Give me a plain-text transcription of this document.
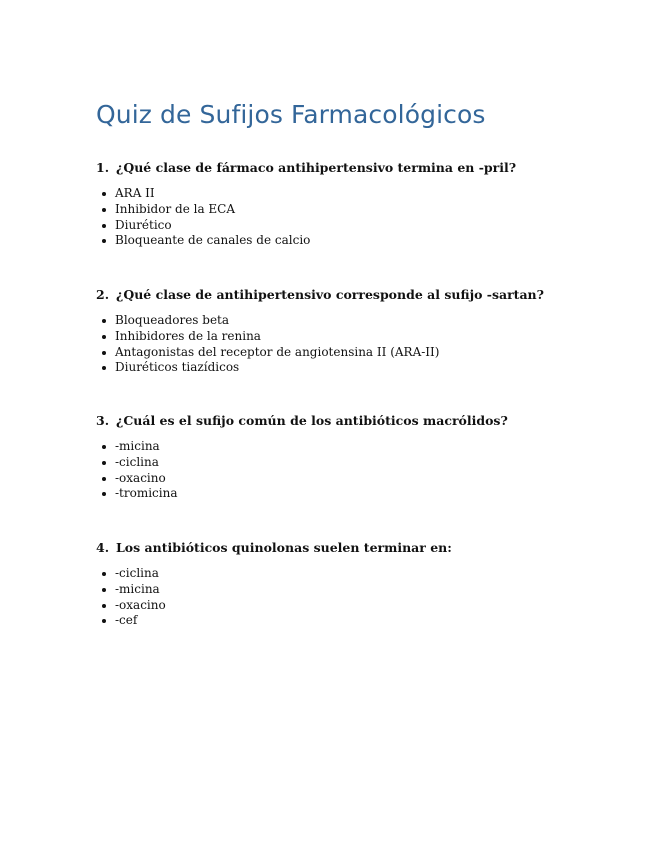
Quiz de Sufijos Farmacológicos
1. ¿Qué clase de fármaco antihipertensivo termina en -pril?
ARA II
Inhibidor de la ECA
Diurético
Bloqueante de canales de calcio
2. ¿Qué clase de antihipertensivo corresponde al sufijo -sartan?
Bloqueadores beta
Inhibidores de la renina
Antagonistas del receptor de angiotensina II (ARA-II)
Diuréticos tiazídicos
3. ¿Cuál es el sufijo común de los antibióticos macrólidos?
-micina
-ciclina
-oxacino
-tromicina
4. Los antibióticos quinolonas suelen terminar en:
-ciclina
-micina
-oxacino
-cef
